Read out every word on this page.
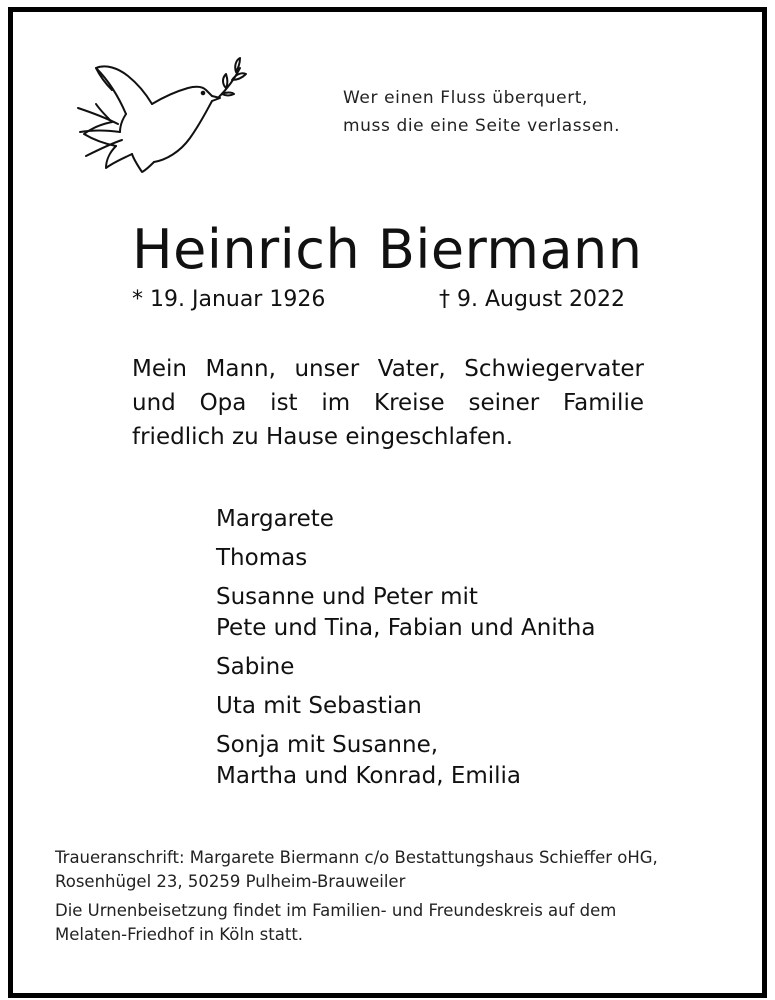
Wer einen Fluss überquert,
muss die eine Seite verlassen.
Heinrich Biermann
* 19. Januar 1926	† 9. August 2022
Mein Mann, unser Vater, Schwiegervater
und Opa ist im Kreise seiner Familie
friedlich zu Hause eingeschlafen.
Margarete
Thomas
Susanne und Peter mit
Pete und Tina, Fabian und Anitha
Sabine
Uta mit Sebastian
Sonja mit Susanne,
Martha und Konrad, Emilia
Traueranschrift: Margarete Biermann c/o Bestattungshaus Schieffer oHG,
Rosenhügel 23, 50259 Pulheim-Brauweiler
Die Urnenbeisetzung findet im Familien- und Freundeskreis auf dem
Melaten-Friedhof in Köln statt.
